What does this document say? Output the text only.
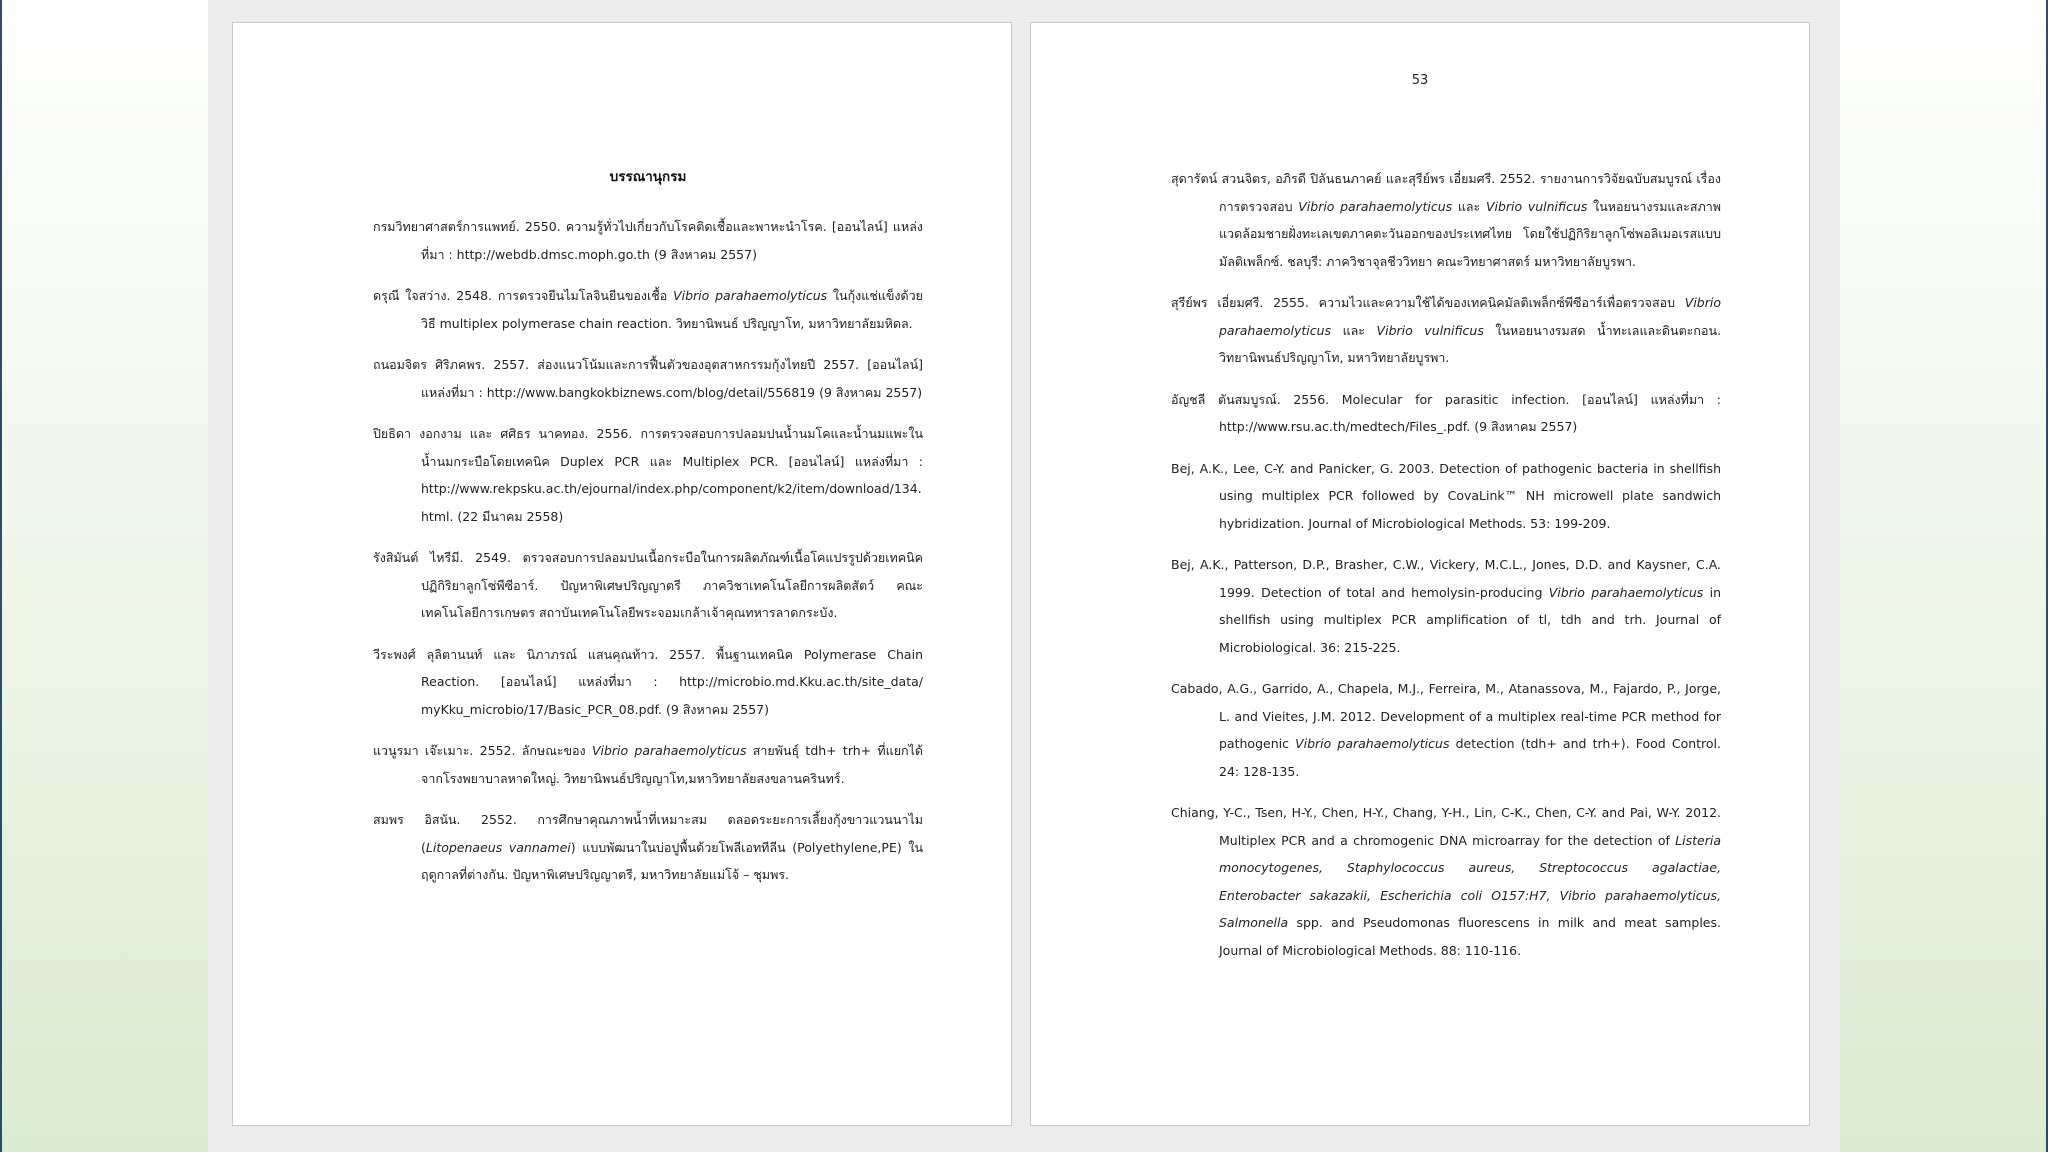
บรรณานุกรม

กรมวิทยาศาสตร์การแพทย์. 2550. ความรู้ทั่วไปเกี่ยวกับโรคติดเชื้อและพาหะนำโรค. [ออนไลน์] แหล่งที่มา : http://webdb.dmsc.moph.go.th (9 สิงหาคม 2557)

ดรุณี ใจสว่าง. 2548. การตรวจยีนไมโลจินยีนของเชื้อ Vibrio parahaemolyticus ในกุ้งแช่แข็งด้วยวิธี multiplex polymerase chain reaction. วิทยานิพนธ์ ปริญญาโท, มหาวิทยาลัยมหิดล.

ถนอมจิตร ศิริภคพร. 2557. ส่องแนวโน้มและการฟื้นตัวของอุตสาหกรรมกุ้งไทยปี 2557. [ออนไลน์] แหล่งที่มา : http://www.bangkokbiznews.com/blog/detail/556819 (9 สิงหาคม 2557)

ปิยธิดา งอกงาม และ ศศิธร นาคทอง. 2556. การตรวจสอบการปลอมปนน้ำนมโคและน้ำนมแพะในน้ำนมกระบือโดยเทคนิค Duplex PCR และ Multiplex PCR. [ออนไลน์] แหล่งที่มา : http://www.rekpsku.ac.th/ejournal/index.php/component/k2/item/download/134.html. (22 มีนาคม 2558)

รังสิมันต์ ไหรีมี. 2549. ตรวจสอบการปลอมปนเนื้อกระบือในการผลิตภัณฑ์เนื้อโคแปรรูปด้วยเทคนิคปฏิกิริยาลูกโซ่พีซีอาร์. ปัญหาพิเศษปริญญาตรี ภาควิชาเทคโนโลยีการผลิตสัตว์ คณะเทคโนโลยีการเกษตร สถาบันเทคโนโลยีพระจอมเกล้าเจ้าคุณทหารลาดกระบัง.

วีระพงศ์ ลุลิตานนท์ และ นิภาภรณ์ แสนคุณท้าว. 2557. พื้นฐานเทคนิค Polymerase Chain Reaction. [ออนไลน์] แหล่งที่มา : http://microbio.md.Kku.ac.th/site_data/ myKku_microbio/17/Basic_PCR_08.pdf. (9 สิงหาคม 2557)

แวนูรมา เจ๊ะเมาะ. 2552. ลักษณะของ Vibrio parahaemolyticus สายพันธุ์ tdh+ trh+ ที่แยกได้จากโรงพยาบาลหาดใหญ่. วิทยานิพนธ์ปริญญาโท,มหาวิทยาลัยสงขลานครินทร์.

สมพร อิสนัน. 2552. การศึกษาคุณภาพน้ำที่เหมาะสม ตลอดระยะการเลี้ยงกุ้งขาวแวนนาไม (Litopenaeus vannamei) แบบพัฒนาในบ่อปูพื้นด้วยโพลีเอททีลีน (Polyethylene,PE) ในฤดูกาลที่ต่างกัน. ปัญหาพิเศษปริญญาตรี, มหาวิทยาลัยแม่โจ้ – ชุมพร.

53

สุดารัตน์ สวนจิตร, อภิรดี ปิลันธนภาคย์ และสุรีย์พร เอี่ยมศรี. 2552. รายงานการวิจัยฉบับสมบูรณ์ เรื่องการตรวจสอบ Vibrio parahaemolyticus และ Vibrio vulnificus ในหอยนางรมและสภาพแวดล้อมชายฝั่งทะเลเขตภาคตะวันออกของประเทศไทย โดยใช้ปฏิกิริยาลูกโซ่พอลิเมอเรสแบบมัลติเพล็กซ์. ชลบุรี: ภาควิชาจุลชีววิทยา คณะวิทยาศาสตร์ มหาวิทยาลัยบูรพา.

สุรีย์พร เอี่ยมศรี. 2555. ความไวและความใช้ได้ของเทคนิคมัลติเพล็กซ์พีซีอาร์เพื่อตรวจสอบ Vibrio parahaemolyticus และ Vibrio vulnificus ในหอยนางรมสด น้ำทะเลและดินตะกอน. วิทยานิพนธ์ปริญญาโท, มหาวิทยาลัยบูรพา.

อัญชลี ตันสมบูรณ์. 2556. Molecular for parasitic infection. [ออนไลน์] แหล่งที่มา : http://www.rsu.ac.th/medtech/Files_.pdf. (9 สิงหาคม 2557)

Bej, A.K., Lee, C-Y. and Panicker, G. 2003. Detection of pathogenic bacteria in shellfish using multiplex PCR followed by CovaLink™ NH microwell plate sandwich hybridization. Journal of Microbiological Methods. 53: 199-209.

Bej, A.K., Patterson, D.P., Brasher, C.W., Vickery, M.C.L., Jones, D.D. and Kaysner, C.A. 1999. Detection of total and hemolysin-producing Vibrio parahaemolyticus in shellfish using multiplex PCR amplification of tl, tdh and trh. Journal of Microbiological. 36: 215-225.

Cabado, A.G., Garrido, A., Chapela, M.J., Ferreira, M., Atanassova, M., Fajardo, P., Jorge, L. and Vieites, J.M. 2012. Development of a multiplex real-time PCR method for pathogenic Vibrio parahaemolyticus detection (tdh+ and trh+). Food Control. 24: 128-135.

Chiang, Y-C., Tsen, H-Y., Chen, H-Y., Chang, Y-H., Lin, C-K., Chen, C-Y. and Pai, W-Y. 2012. Multiplex PCR and a chromogenic DNA microarray for the detection of Listeria monocytogenes, Staphylococcus aureus, Streptococcus agalactiae, Enterobacter sakazakii, Escherichia coli O157:H7, Vibrio parahaemolyticus, Salmonella spp. and Pseudomonas fluorescens in milk and meat samples. Journal of Microbiological Methods. 88: 110-116.
